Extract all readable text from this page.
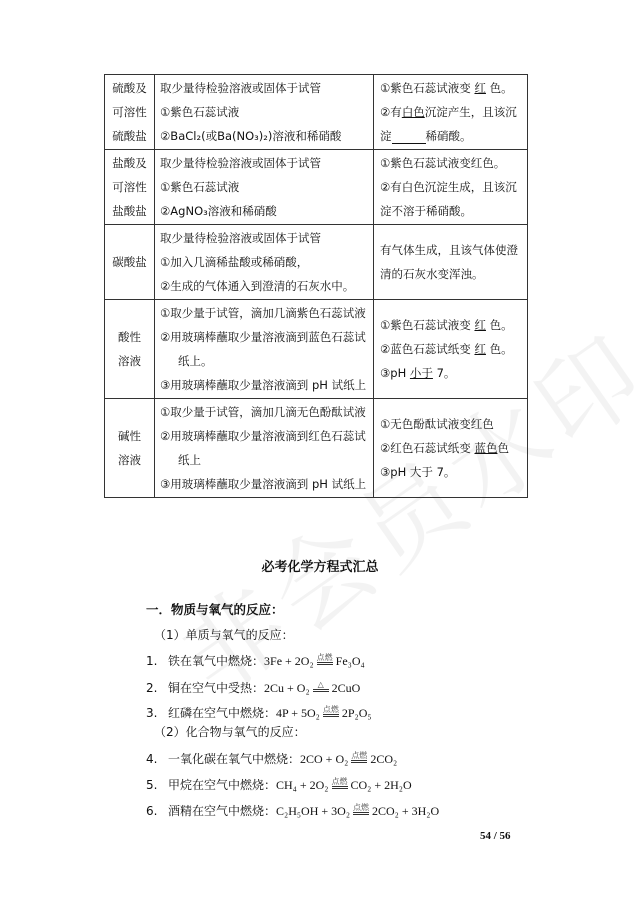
硫酸及
可溶性
硫酸盐	取少量待检验溶液或固体于试管
①紫色石蕊试液
②BaCl₂(或Ba(NO₃)₂)溶液和稀硝酸	①紫色石蕊试液变 红 色。
②有白色沉淀产生，且该沉
淀 稀硝酸。

盐酸及
可溶性
盐酸盐	取少量待检验溶液或固体于试管
①紫色石蕊试液
②AgNO₃溶液和稀硝酸	①紫色石蕊试液变红色。
②有白色沉淀生成，且该沉
淀不溶于稀硝酸。

碳酸盐	取少量待检验溶液或固体于试管
①加入几滴稀盐酸或稀硝酸，
②生成的气体通入到澄清的石灰水中。	有气体生成，且该气体使澄
清的石灰水变浑浊。

酸性
溶液	①取少量于试管，滴加几滴紫色石蕊试液
②用玻璃棒蘸取少量溶液滴到蓝色石蕊试
纸上。
③用玻璃棒蘸取少量溶液滴到 pH 试纸上	①紫色石蕊试液变 红 色。
②蓝色石蕊试纸变 红 色。
③pH 小于 7。

碱性
溶液	①取少量于试管，滴加几滴无色酚酞试液
②用玻璃棒蘸取少量溶液滴到红色石蕊试
纸上
③用玻璃棒蘸取少量溶液滴到 pH 试纸上	①无色酚酞试液变红色
②红色石蕊试纸变 蓝色色
③pH 大于 7。
必考化学方程式汇总
一．物质与氧气的反应：
（1）单质与氧气的反应：
1. 铁在氧气中燃烧：3Fe + 2O₂ 点燃 Fe₃O₄
2. 铜在空气中受热：2Cu + O₂ △ 2CuO
3. 红磷在空气中燃烧：4P + 5O₂ 点燃 2P₂O₅
4. 一氧化碳在氧气中燃烧：2CO + O₂ 点燃 2CO₂
5. 甲烷在空气中燃烧：CH₄ + 2O₂ 点燃 CO₂ + 2H₂O
6. 酒精在空气中燃烧：C₂H₅OH + 3O₂ 点燃 2CO₂ + 3H₂O
（2）化合物与氧气的反应：
54 / 56
